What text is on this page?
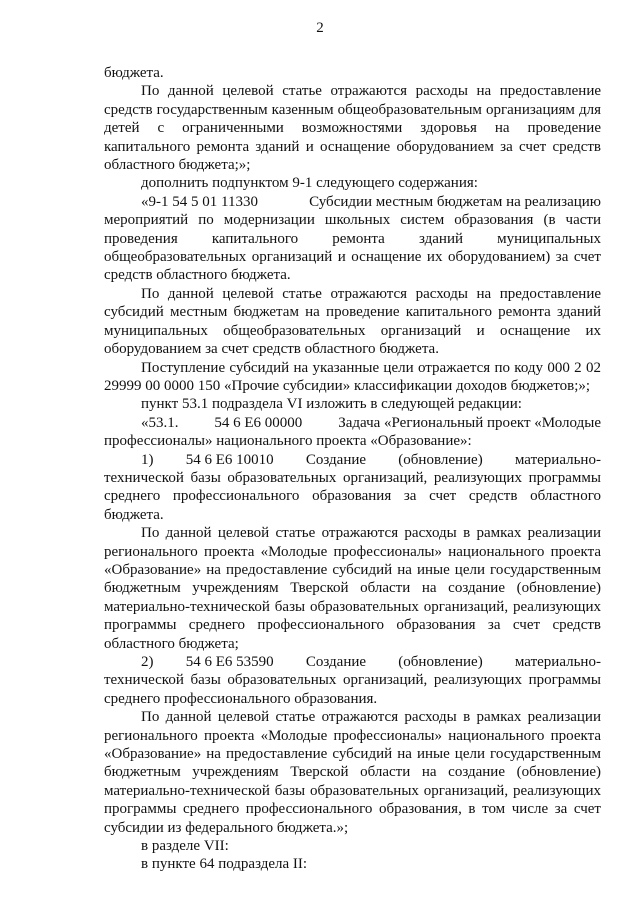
2

бюджета.

По данной целевой статье отражаются расходы на предоставление средств государственным казенным общеобразовательным организациям для детей с ограниченными возможностями здоровья на проведение капитального ремонта зданий и оснащение оборудованием за счет средств областного бюджета;»;

дополнить подпунктом 9-1 следующего содержания:

«9-1 54 5 01 11330	Субсидии местным бюджетам на реализацию

мероприятий по модернизации школьных систем образования (в части проведения капитального ремонта зданий муниципальных общеобразовательных организаций и оснащение их оборудованием) за счет средств областного бюджета.

По данной целевой статье отражаются расходы на предоставление субсидий местным бюджетам на проведение капитального ремонта зданий муниципальных общеобразовательных организаций и оснащение их оборудованием за счет средств областного бюджета.

Поступление субсидий на указанные цели отражается по коду 000 2 02 29999 00 0000 150 «Прочие субсидии» классификации доходов бюджетов;»;

пункт 53.1 подраздела VI изложить в следующей редакции:

«53.1. 54 6 E6 00000 Задача «Региональный проект «Молодые

профессионалы» национального проекта «Образование»:

1) 54 6 E6 10010 Создание (обновление) материально-

технической базы образовательных организаций, реализующих программы среднего профессионального образования за счет средств областного бюджета.

По данной целевой статье отражаются расходы в рамках реализации регионального проекта «Молодые профессионалы» национального проекта «Образование» на предоставление субсидий на иные цели государственным бюджетным учреждениям Тверской области на создание (обновление) материально-технической базы образовательных организаций, реализующих программы среднего профессионального образования за счет средств областного бюджета;

2) 54 6 E6 53590 Создание (обновление) материально-

технической базы образовательных организаций, реализующих программы среднего профессионального образования.

По данной целевой статье отражаются расходы в рамках реализации регионального проекта «Молодые профессионалы» национального проекта «Образование» на предоставление субсидий на иные цели государственным бюджетным учреждениям Тверской области на создание (обновление) материально-технической базы образовательных организаций, реализующих программы среднего профессионального образования, в том числе за счет субсидии из федерального бюджета.»;

в разделе VII:

в пункте 64 подраздела II:
